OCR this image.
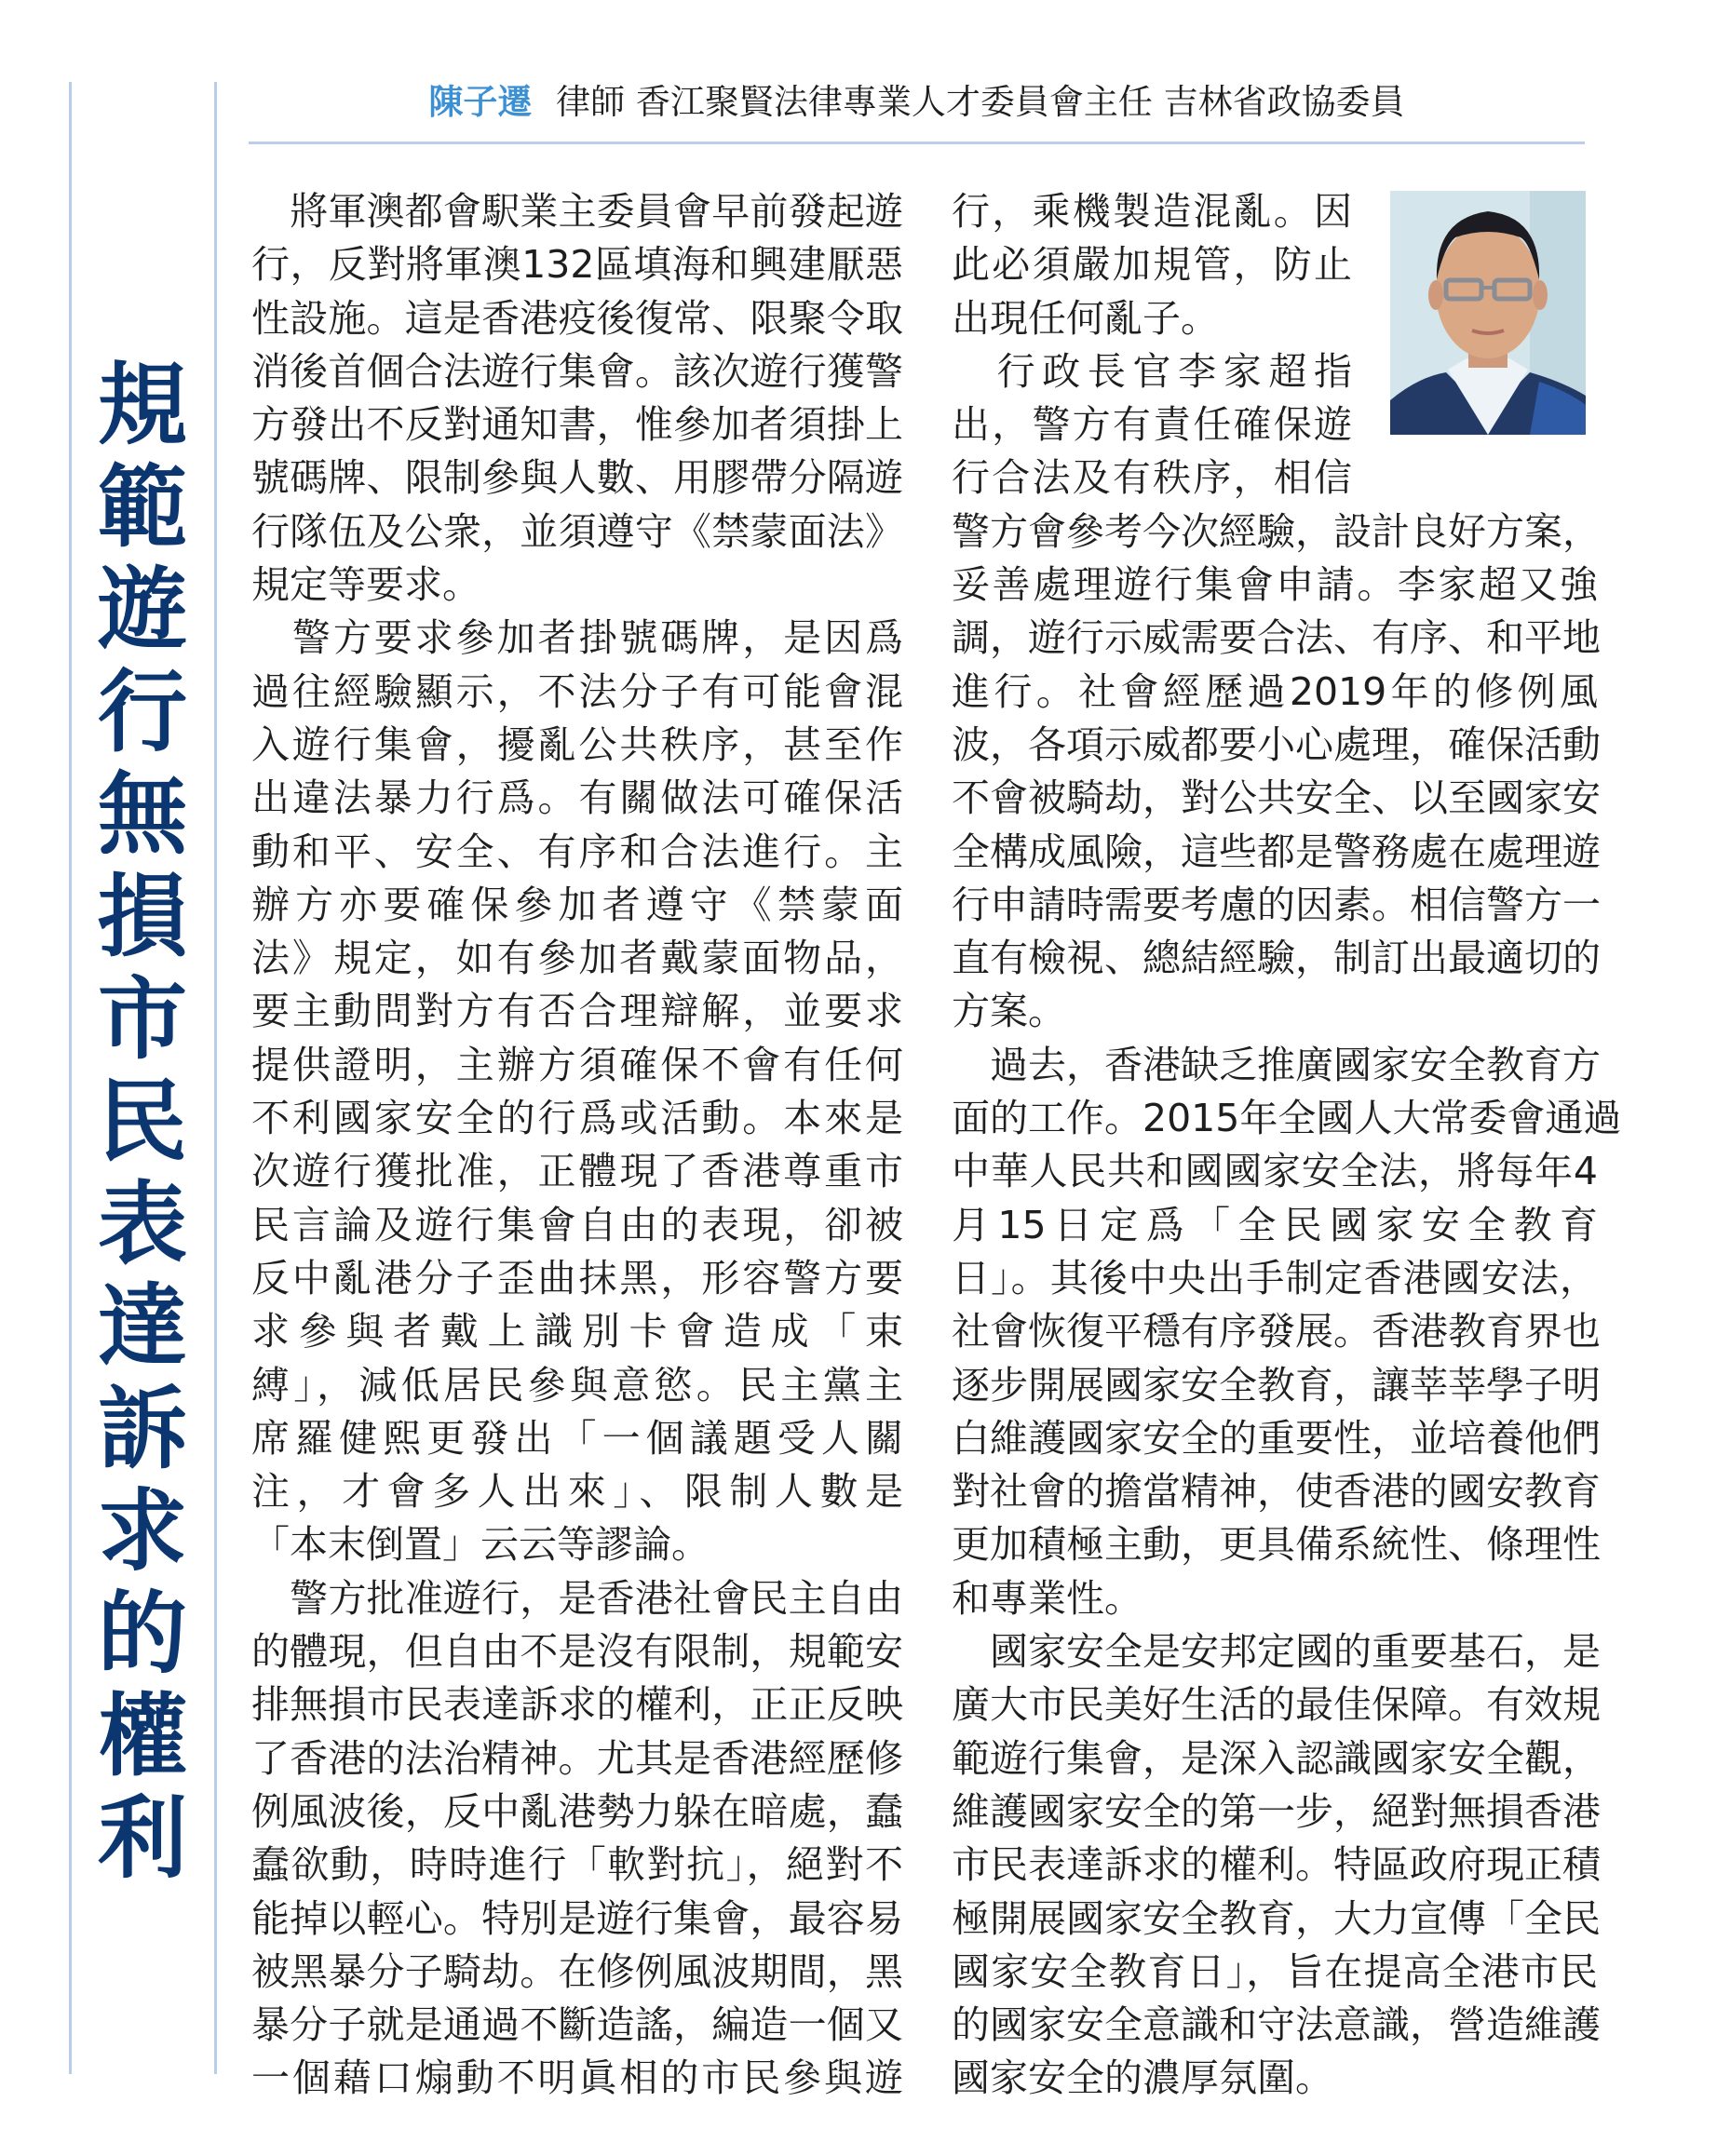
規
範
遊
行
無
損
市
民
表
達
訴
求
的
權
利
陳子遷 律師 香江聚賢法律專業人才委員會主任 吉林省政協委員
　將軍澳都會駅業主委員會早前發起遊
行，反對將軍澳132區填海和興建厭惡
性設施。這是香港疫後復常、限聚令取
消後首個合法遊行集會。該次遊行獲警
方發出不反對通知書，惟參加者須掛上
號碼牌、限制參與人數、用膠帶分隔遊
行隊伍及公衆，並須遵守《禁蒙面法》
規定等要求。
　警方要求參加者掛號碼牌，是因爲
過往經驗顯示，不法分子有可能會混
入遊行集會，擾亂公共秩序，甚至作
出違法暴力行爲。有關做法可確保活
動和平、安全、有序和合法進行。主
辦方亦要確保參加者遵守《禁蒙面
法》規定，如有參加者戴蒙面物品，
要主動問對方有否合理辯解，並要求
提供證明，主辦方須確保不會有任何
不利國家安全的行爲或活動。本來是
次遊行獲批准，正體現了香港尊重市
民言論及遊行集會自由的表現，卻被
反中亂港分子歪曲抹黑，形容警方要
求參與者戴上識別卡會造成「束
縛」，減低居民參與意慾。民主黨主
席羅健熙更發出「一個議題受人關
注，才會多人出來」、限制人數是
「本末倒置」云云等謬論。
　警方批准遊行，是香港社會民主自由
的體現，但自由不是沒有限制，規範安
排無損市民表達訴求的權利，正正反映
了香港的法治精神。尤其是香港經歷修
例風波後，反中亂港勢力躲在暗處，蠢
蠢欲動，時時進行「軟對抗」，絕對不
能掉以輕心。特別是遊行集會，最容易
被黑暴分子騎劫。在修例風波期間，黑
暴分子就是通過不斷造謠，編造一個又
一個藉口煽動不明眞相的市民參與遊
行，乘機製造混亂。因
此必須嚴加規管，防止
出現任何亂子。
　行政長官李家超指
出，警方有責任確保遊
行合法及有秩序，相信
警方會參考今次經驗，設計良好方案，
妥善處理遊行集會申請。李家超又強
調，遊行示威需要合法、有序、和平地
進行。社會經歷過2019年的修例風
波，各項示威都要小心處理，確保活動
不會被騎劫，對公共安全、以至國家安
全構成風險，這些都是警務處在處理遊
行申請時需要考慮的因素。相信警方一
直有檢視、總結經驗，制訂出最適切的
方案。
　過去，香港缺乏推廣國家安全教育方
面的工作。2015年全國人大常委會通過
中華人民共和國國家安全法，將每年4
月15日定爲「全民國家安全教育
日」。其後中央出手制定香港國安法，
社會恢復平穩有序發展。香港教育界也
逐步開展國家安全教育，讓莘莘學子明
白維護國家安全的重要性，並培養他們
對社會的擔當精神，使香港的國安教育
更加積極主動，更具備系統性、條理性
和專業性。
　國家安全是安邦定國的重要基石，是
廣大市民美好生活的最佳保障。有效規
範遊行集會，是深入認識國家安全觀，
維護國家安全的第一步，絕對無損香港
市民表達訴求的權利。特區政府現正積
極開展國家安全教育，大力宣傳「全民
國家安全教育日」，旨在提高全港市民
的國家安全意識和守法意識，營造維護
國家安全的濃厚氛圍。
